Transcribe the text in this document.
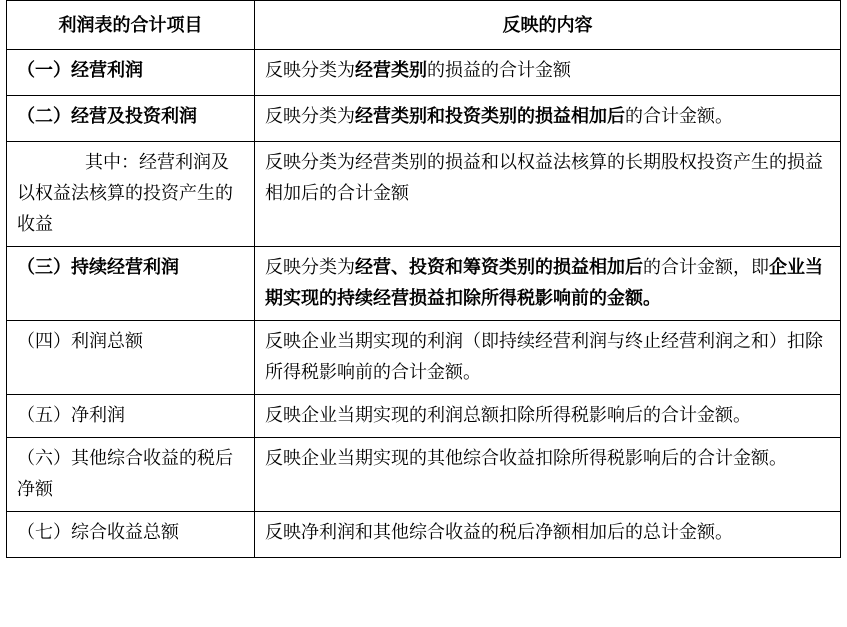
利润表的合计项目	反映的内容
（一）经营利润	反映分类为经营类别的损益的合计金额
（二）经营及投资利润	反映分类为经营类别和投资类别的损益相加后的合计金额。
其中：经营利润及以权益法核算的投资产生的收益	反映分类为经营类别的损益和以权益法核算的长期股权投资产生的损益相加后的合计金额
（三）持续经营利润	反映分类为经营、投资和筹资类别的损益相加后的合计金额，即企业当期实现的持续经营损益扣除所得税影响前的金额。
（四）利润总额	反映企业当期实现的利润（即持续经营利润与终止经营利润之和）扣除所得税影响前的合计金额。
（五）净利润	反映企业当期实现的利润总额扣除所得税影响后的合计金额。
（六）其他综合收益的税后净额	反映企业当期实现的其他综合收益扣除所得税影响后的合计金额。
（七）综合收益总额	反映净利润和其他综合收益的税后净额相加后的总计金额。
